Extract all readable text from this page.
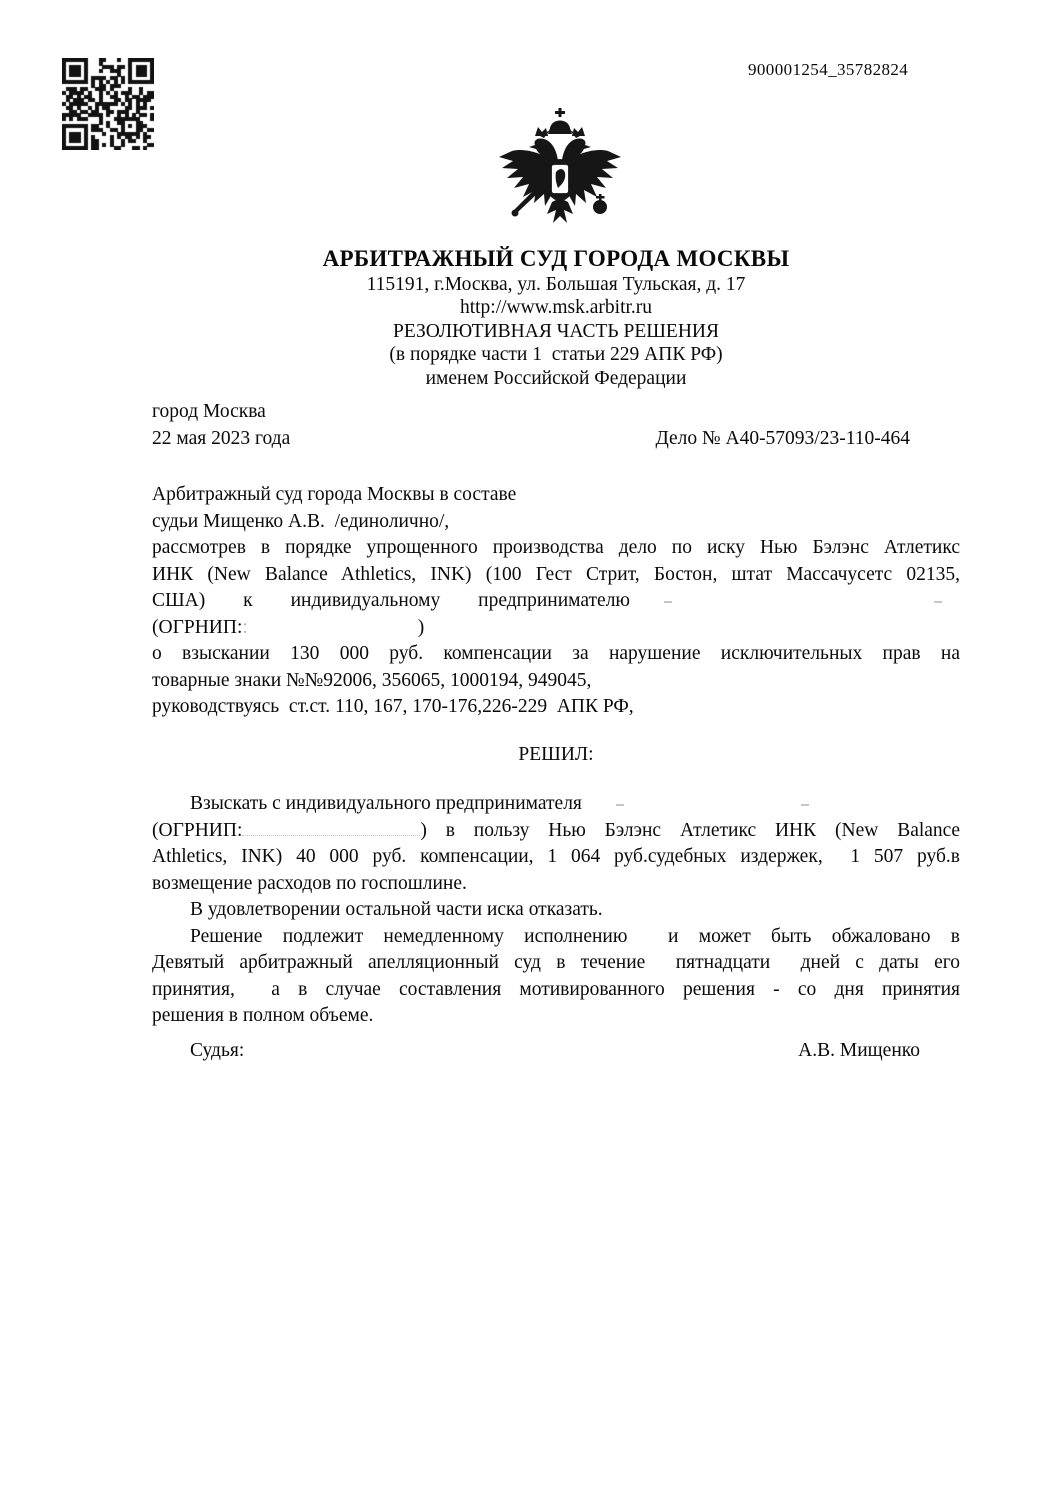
900001254_35782824
АРБИТРАЖНЫЙ СУД ГОРОДА МОСКВЫ
115191, г.Москва, ул. Большая Тульская, д. 17
http://www.msk.arbitr.ru
РЕЗОЛЮТИВНАЯ ЧАСТЬ РЕШЕНИЯ
(в порядке части 1  статьи 229 АПК РФ)
именем Российской Федерации
город Москва
22 мая 2023 года	Дело № А40-57093/23-110-464
Арбитражный суд города Москвы в составе
судьи Мищенко А.В.  /единолично/,
рассмотрев в порядке упрощенного производства дело по иску Нью Бэлэнс Атлетикс
ИНК (New Balance Athletics, INK) (100 Гест Стрит, Бостон, штат Массачусетс 02135,
США) к индивидуальному предпринимателю
(ОГРНИП::	)
о взыскании 130 000 руб. компенсации за нарушение исключительных прав на
товарные знаки №№92006, 356065, 1000194, 949045,
руководствуясь  ст.ст. 110, 167, 170-176,226-229  АПК РФ,
РЕШИЛ:
Взыскать с индивидуального предпринимателя
(ОГРНИП:	) в пользу Нью Бэлэнс Атлетикс ИНК (New Balance
Athletics, INK) 40 000 руб. компенсации, 1 064 руб.судебных издержек,  1 507 руб.в
возмещение расходов по госпошлине.
В удовлетворении остальной части иска отказать.
Решение подлежит немедленному исполнению  и может быть обжаловано в
Девятый арбитражный апелляционный суд в течение  пятнадцати  дней с даты его
принятия,  а в случае составления мотивированного решения - со дня принятия
решения в полном объеме.
Судья:	А.В. Мищенко
